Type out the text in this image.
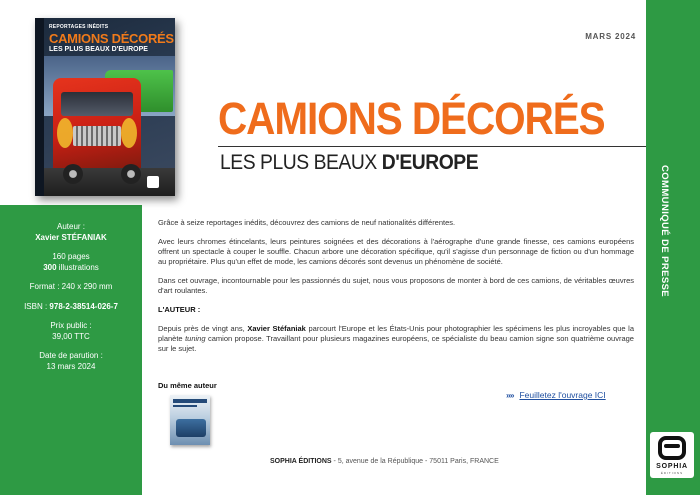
Auteur :
Xavier STÉFANIAK
160 pages
300 illustrations
Format : 240 x 290 mm
ISBN : 978-2-38514-026-7
Prix public :
39,00 TTC
Date de parution :
13 mars 2024
REPORTAGES INÉDITS
CAMIONS DÉCORÉS
LES PLUS BEAUX D'EUROPE
MARS 2024
CAMIONS DÉCORÉS
LES PLUS BEAUX D'EUROPE
COMMUNIQUÉ DE PRESSE
SOPHIA
ÉDITIONS

Grâce à seize reportages inédits, découvrez des camions de neuf nationalités différentes.

Avec leurs chromes étincelants, leurs peintures soignées et des décorations à l'aérographe d'une grande finesse, ces camions européens offrent un spectacle à couper le souffle. Chacun arbore une décoration spécifique, qu'il s'agisse d'un personnage de fiction ou d'un hommage au propriétaire. Plus qu'un effet de mode, les camions décorés sont devenus un phénomène de société.

Dans cet ouvrage, incontournable pour les passionnés du sujet, nous vous proposons de monter à bord de ces camions, de véritables œuvres d'art roulantes.

L'AUTEUR :

Depuis près de vingt ans, Xavier Stéfaniak parcourt l'Europe et les États-Unis pour photographier les spécimens les plus incroyables que la planète tuning camion propose. Travaillant pour plusieurs magazines européens, ce spécialiste du beau camion signe son quatrième ouvrage sur le sujet.

Du même auteur
»» Feuilletez l'ouvrage ICI
SOPHIA ÉDITIONS - 5, avenue de la République - 75011 Paris, FRANCE
